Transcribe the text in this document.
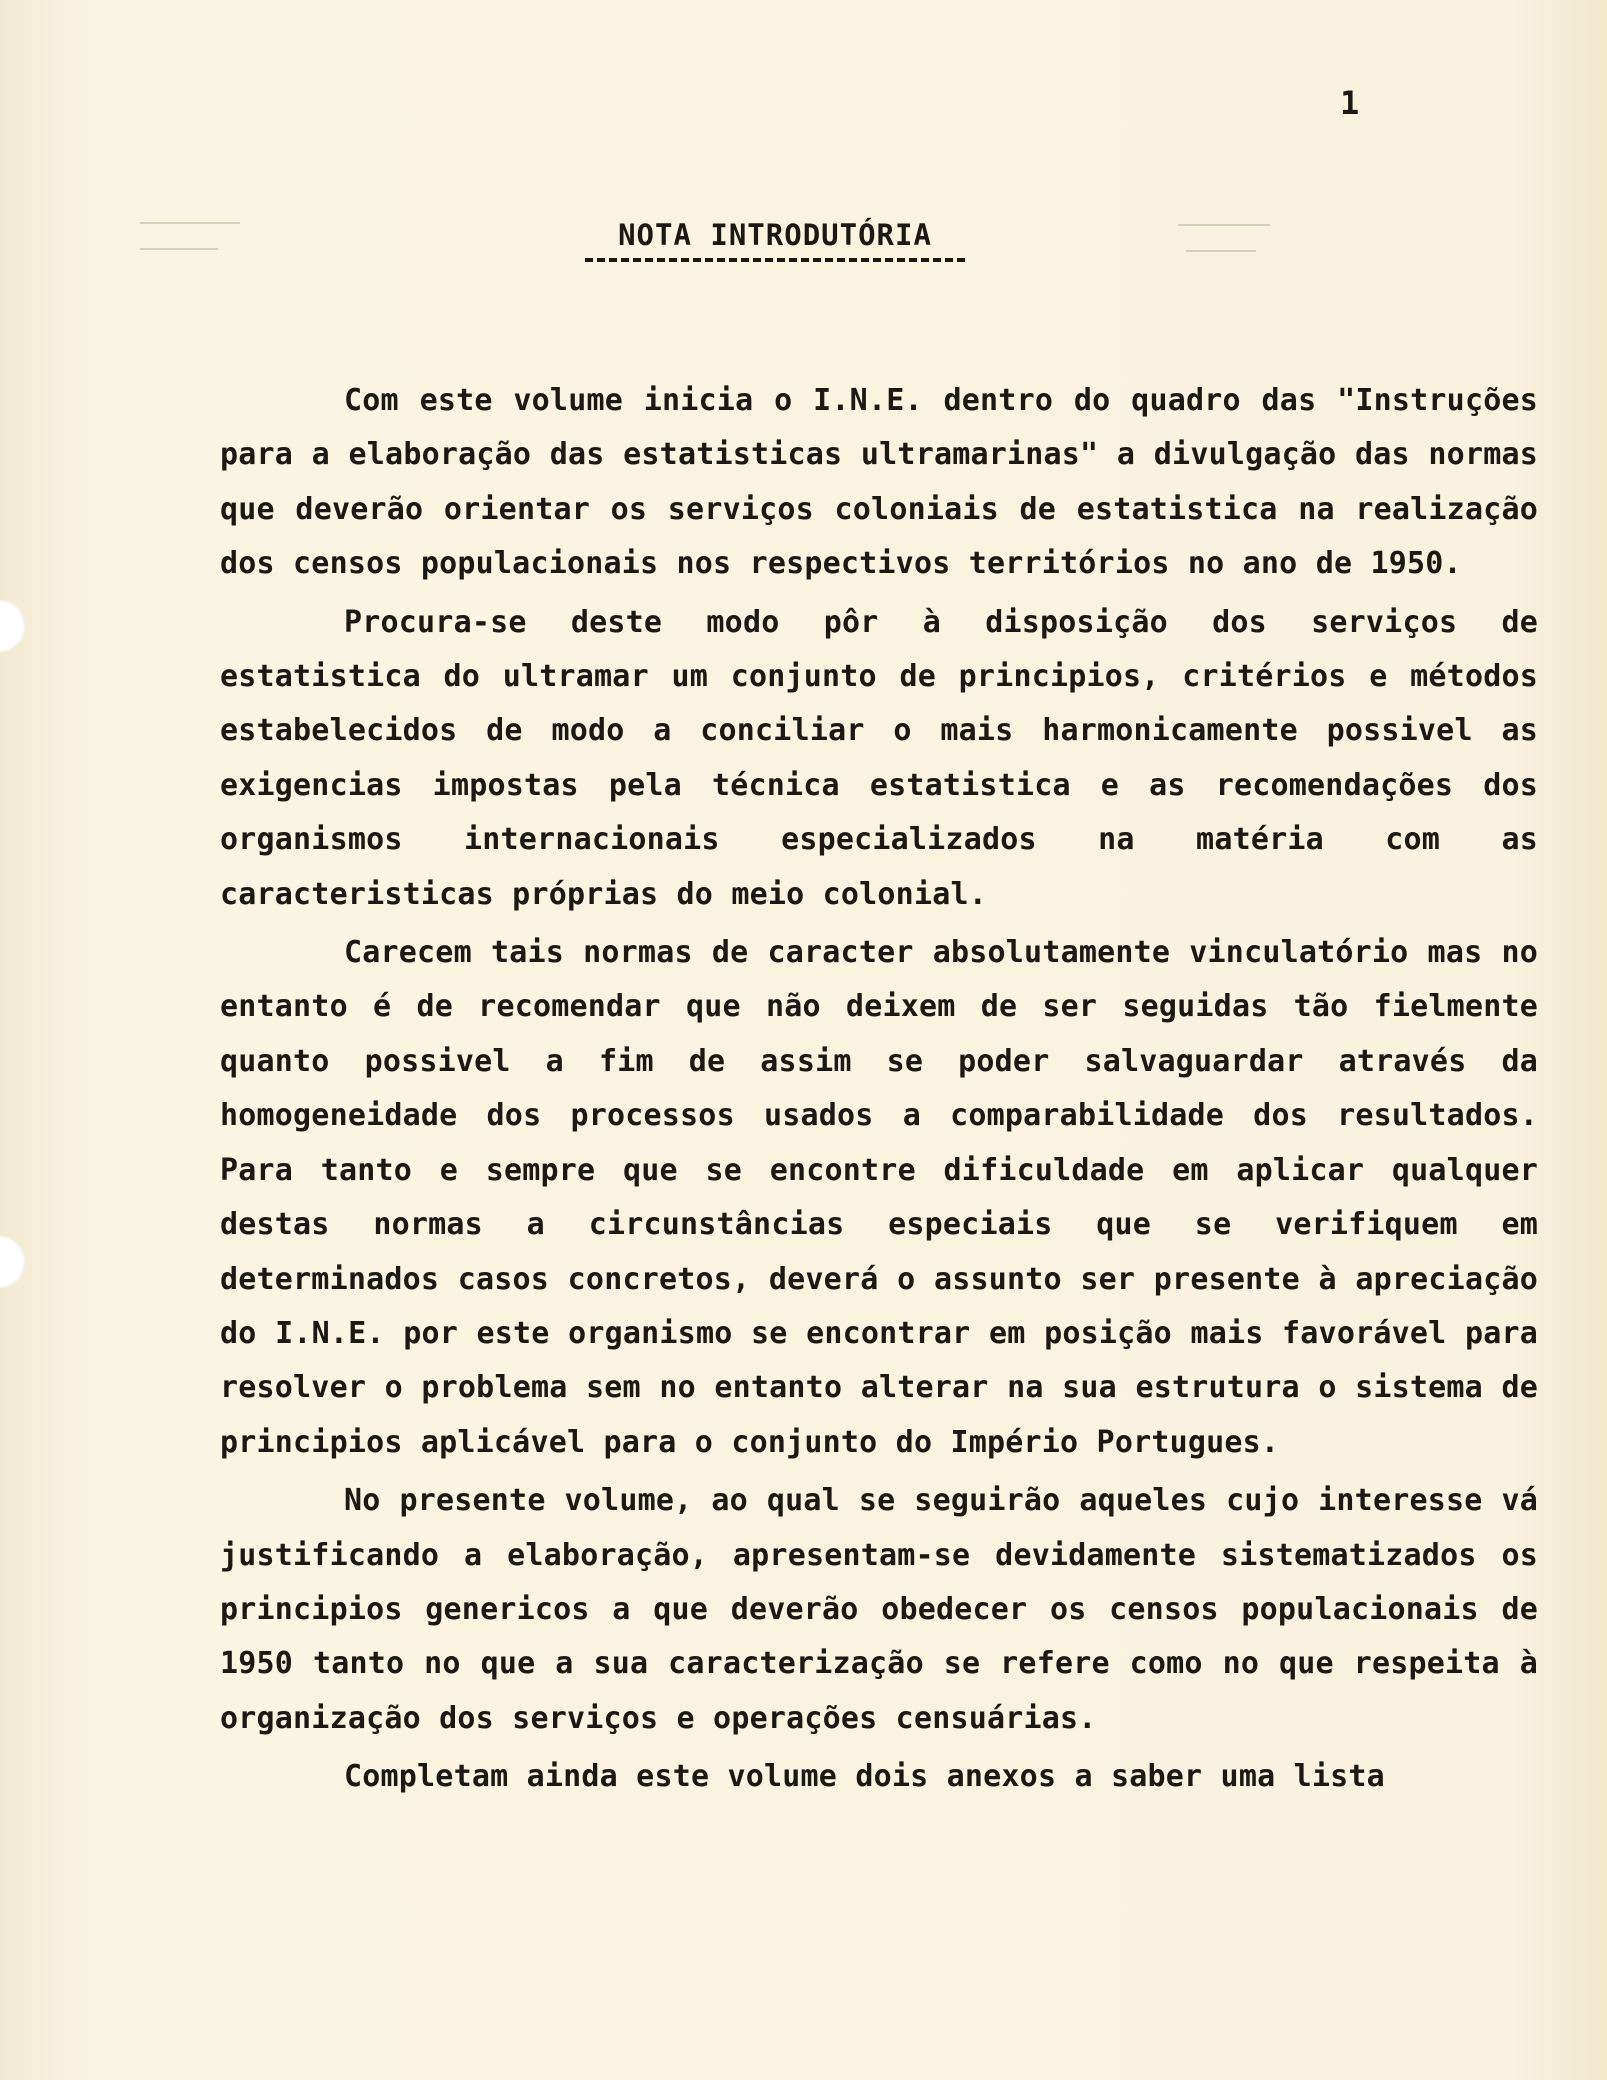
1
NOTA INTRODUTÓRIA

Com este volume inicia o I.N.E. dentro do quadro das "Instruções para a elaboração das estatisticas ultramarinas" a divulgação das normas que deverão orientar os serviços coloniais de estatistica na realização dos censos populacionais nos respectivos territórios no ano de 1950.

Procura-se deste modo pôr à disposição dos serviços de estatistica do ultramar um conjunto de principios, critérios e métodos estabelecidos de modo a conciliar o mais harmonicamente possivel as exigencias impostas pela técnica estatistica e as recomendações dos organismos internacionais especializados na matéria com as caracteristicas próprias do meio colonial.

Carecem tais normas de caracter absolutamente vinculatório mas no entanto é de recomendar que não deixem de ser seguidas tão fielmente quanto possivel a fim de assim se poder salvaguardar através da homogeneidade dos processos usados a comparabilidade dos resultados. Para tanto e sempre que se encontre dificuldade em aplicar qualquer destas normas a circunstâncias especiais que se verifiquem em determinados casos concretos, deverá o assunto ser presente à apreciação do I.N.E. por este organismo se encontrar em posição mais favorável para resolver o problema sem no entanto alterar na sua estrutura o sistema de principios aplicável para o conjunto do Império Portugues.

No presente volume, ao qual se seguirão aqueles cujo interesse vá justificando a elaboração, apresentam-se devidamente sistematizados os principios genericos a que deverão obedecer os censos populacionais de 1950 tanto no que a sua caracterização se refere como no que respeita à organização dos serviços e operações censuárias.

Completam ainda este volume dois anexos a saber uma lista
